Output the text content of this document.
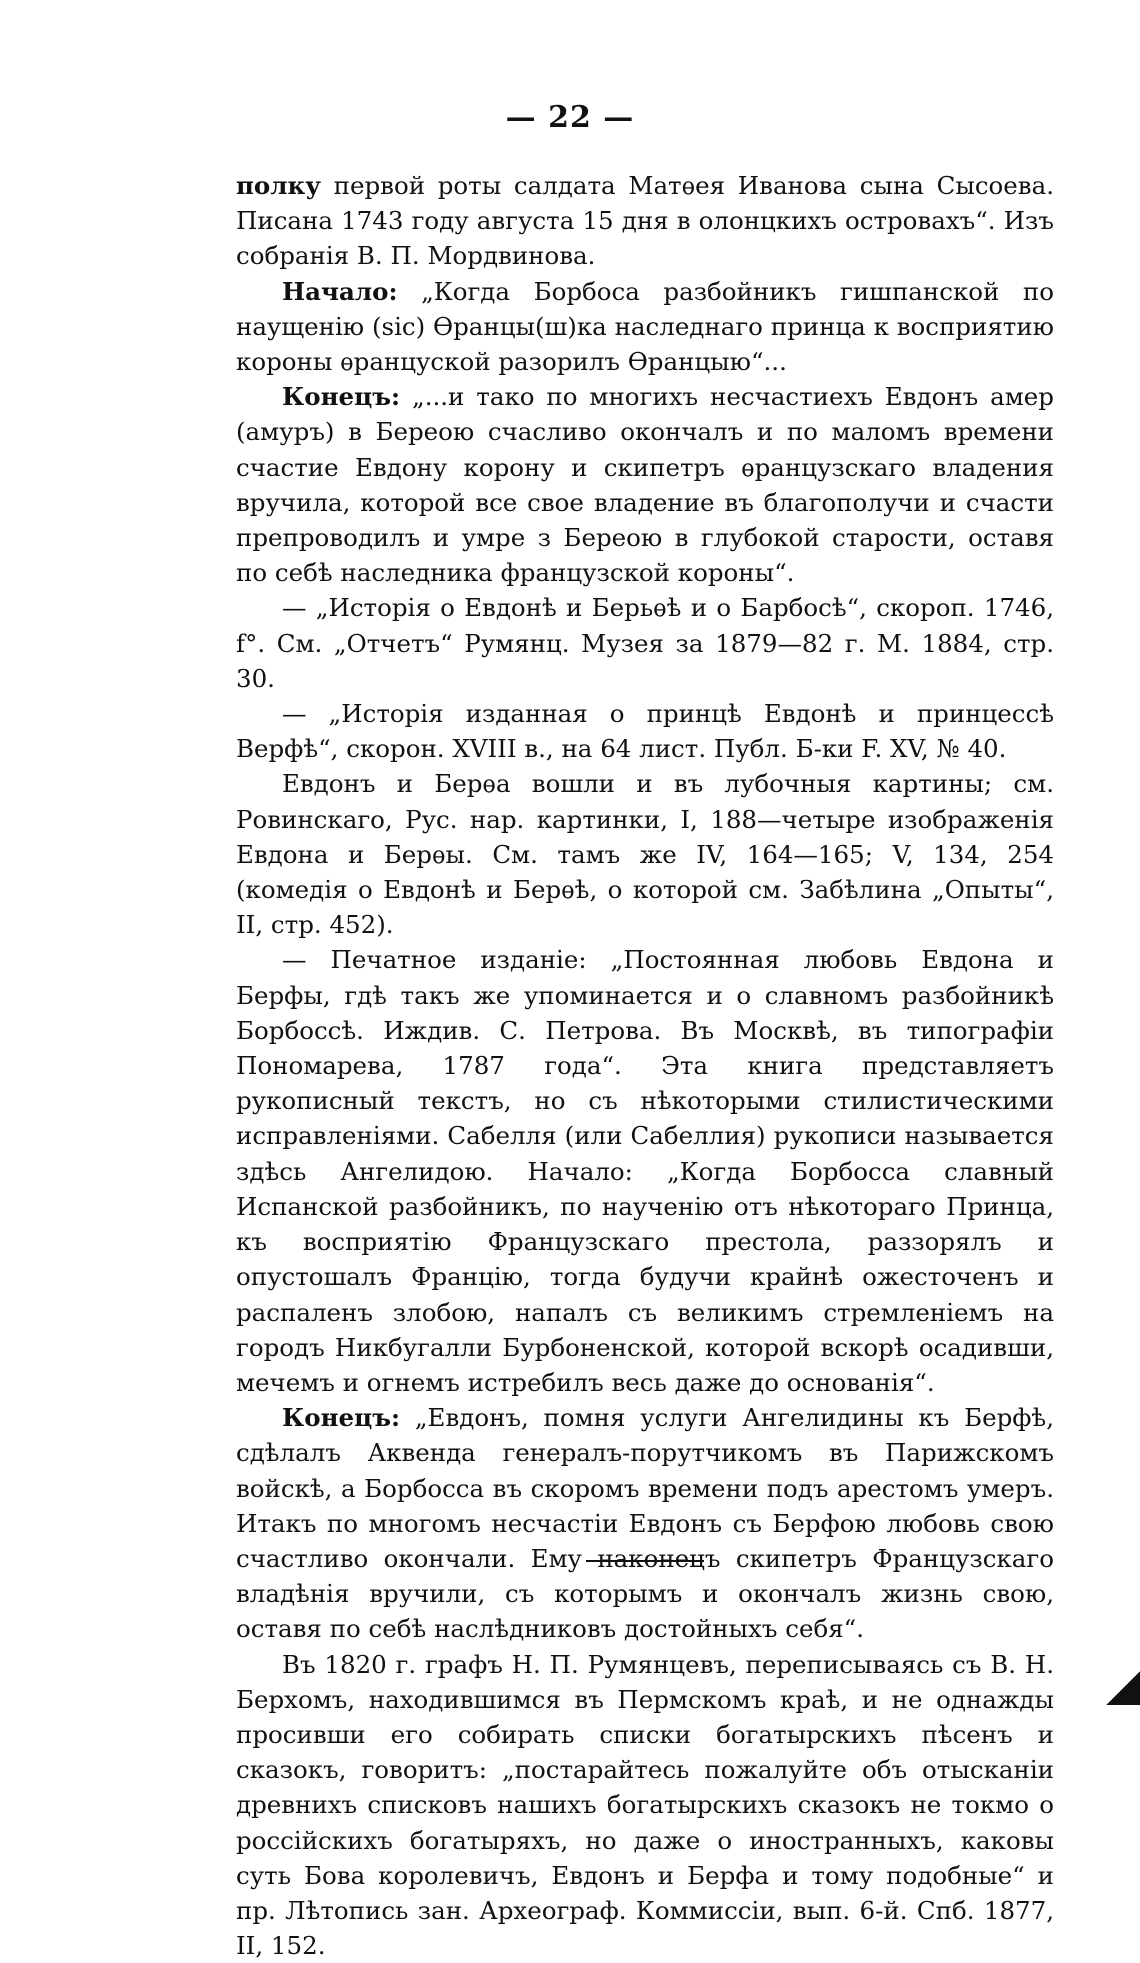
— 22 —

полку первой роты салдата Матѳея Иванова сына Сысоева. Писана 1743 году августа 15 дня в олонцкихъ островахъ“. Изъ собранія В. П. Мордвинова.

Начало: „Когда Борбоса разбойникъ гишпанской по наущенію (sic) Ѳранцы(ш)ка наследнаго принца к восприятию короны ѳранцуской разорилъ Ѳранцыю“...

Конецъ: „...и тако по многихъ несчастиехъ Евдонъ амер (амуръ) в Береою счасливо окончалъ и по маломъ времени счастие Евдону корону и скипетръ ѳранцузскаго владения вручила, которой все свое владение въ благополучи и счасти препроводилъ и умре з Береою в глубокой старости, оставя по себѣ наследника французской короны“.

— „Исторія о Евдонѣ и Берьѳѣ и о Барбосѣ“, скороп. 1746, f°. См. „Отчетъ“ Румянц. Музея за 1879—82 г. М. 1884, стр. 30.

— „Исторія изданная о принцѣ Евдонѣ и принцессѣ Верфѣ“, скорон. XVIII в., на 64 лист. Публ. Б-ки F. XV, № 40.

Евдонъ и Берѳа вошли и въ лубочныя картины; см. Ровинскаго, Рус. нар. картинки, I, 188—четыре изображенія Евдона и Берѳы. См. тамъ же IV, 164—165; V, 134, 254 (комедія о Евдонѣ и Берѳѣ, о которой см. Забѣлина „Опыты“, II, стр. 452).

— Печатное изданіе: „Постоянная любовь Евдона и Берфы, гдѣ такъ же упоминается и о славномъ разбойникѣ Борбоссѣ. Иждив. С. Петрова. Въ Москвѣ, въ типографіи Пономарева, 1787 года“. Эта книга представляетъ рукописный текстъ, но съ нѣкоторыми стилистическими исправленіями. Сабелля (или Сабеллия) рукописи называется здѣсь Ангелидою. Начало: „Когда Борбосса славный Испанской разбойникъ, по наученію отъ нѣкотораго Принца, къ восприятію Французскаго престола, раззорялъ и опустошалъ Францію, тогда будучи крайнѣ ожесточенъ и распаленъ злобою, напалъ съ великимъ стремленіемъ на городъ Никбугалли Бурбоненской, которой вскорѣ осадивши, мечемъ и огнемъ истребилъ весь даже до основанія“.

Конецъ: „Евдонъ, помня услуги Ангелидины къ Берфѣ, сдѣлалъ Аквенда генералъ-порутчикомъ въ Парижскомъ войскѣ, а Борбосса въ скоромъ времени подъ арестомъ умеръ. Итакъ по многомъ несчастіи Евдонъ съ Берфою любовь свою счастливо окончали. Ему наконецъ скипетръ Французскаго владѣнія вручили, съ которымъ и окончалъ жизнь свою, оставя по себѣ наслѣдниковъ достойныхъ себя“.

Въ 1820 г. графъ Н. П. Румянцевъ, переписываясь съ В. Н. Берхомъ, находившимся въ Пермскомъ краѣ, и не однажды просивши его собирать списки богатырскихъ пѣсенъ и сказокъ, говоритъ: „постарайтесь пожалуйте объ отысканіи древнихъ списковъ нашихъ богатырскихъ сказокъ не токмо о россійскихъ богатыряхъ, но даже о иностранныхъ, каковы суть Бова королевичъ, Евдонъ и Берфа и тому подобные“ и пр. Лѣтопись зан. Археограф. Коммиссіи, вып. 6-й. Спб. 1877, II, 152.
